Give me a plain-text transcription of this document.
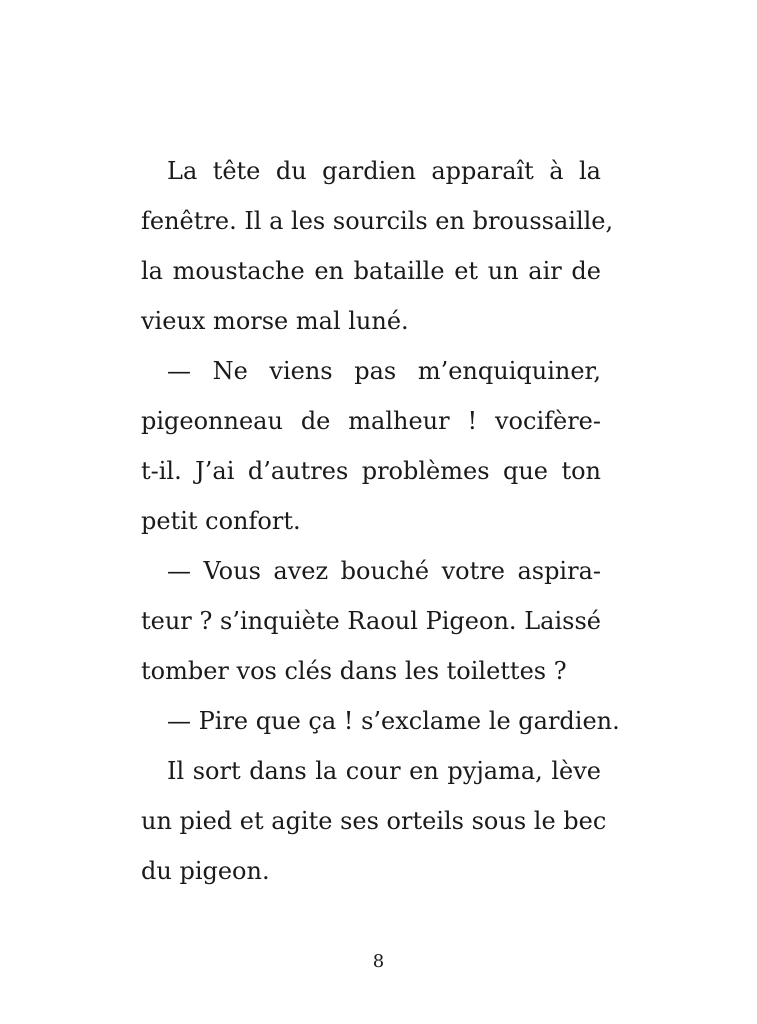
La tête du gardien apparaît à la
fenêtre. Il a les sourcils en broussaille,
la moustache en bataille et un air de
vieux morse mal luné.
— Ne viens pas m’enquiquiner,
pigeonneau de malheur ! vocifère-
t-il. J’ai d’autres problèmes que ton
petit confort.
— Vous avez bouché votre aspira-
teur ? s’inquiète Raoul Pigeon. Laissé
tomber vos clés dans les toilettes ?
— Pire que ça ! s’exclame le gardien.
Il sort dans la cour en pyjama, lève
un pied et agite ses orteils sous le bec
du pigeon.
8
